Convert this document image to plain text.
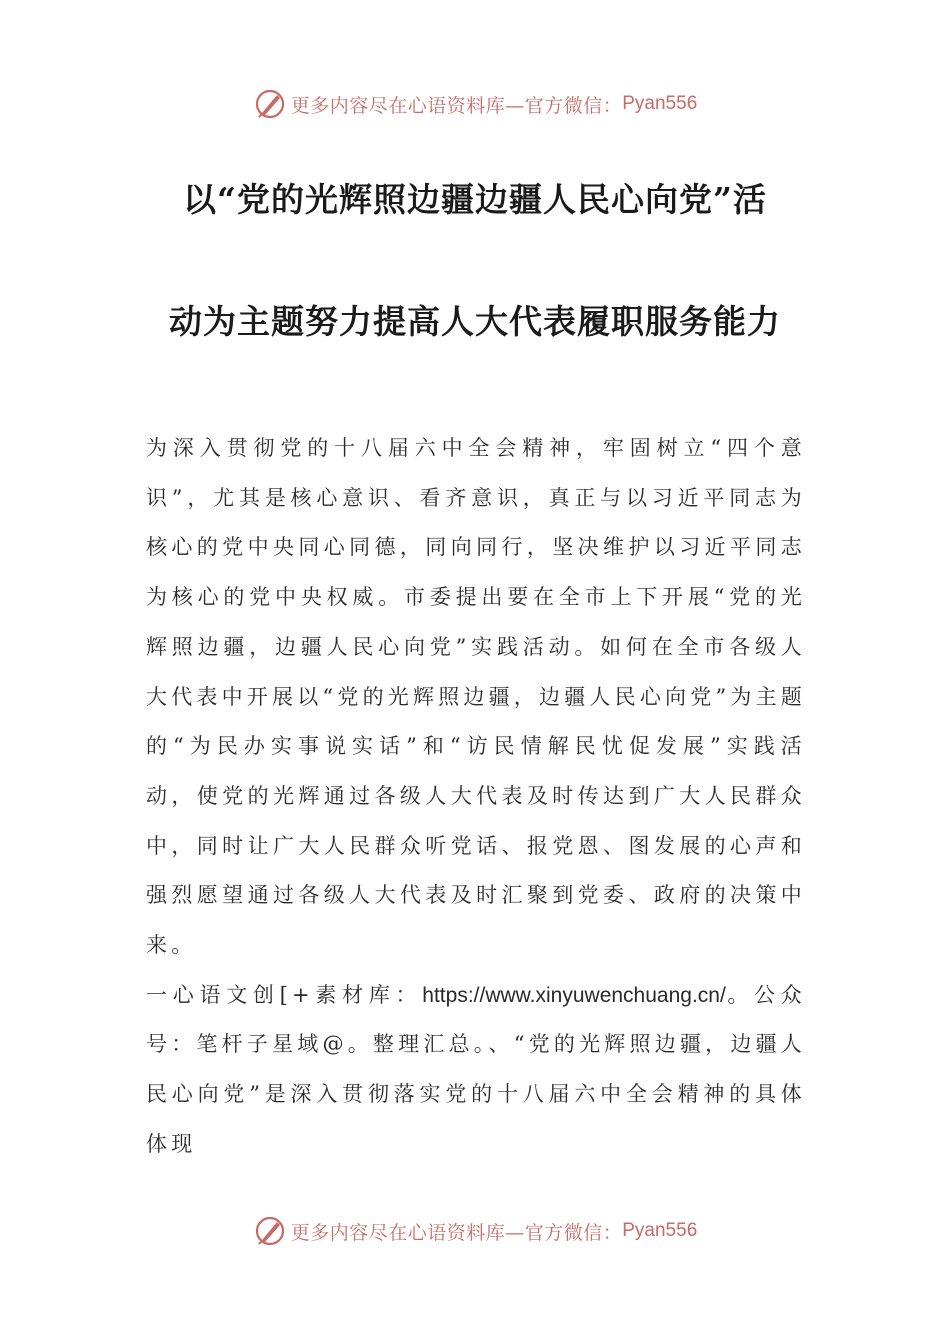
更多内容尽在心语资料库—官方微信： Pyan556
以“党的光辉照边疆边疆人民心向党”活
动为主题努力提高人大代表履职服务能力

为深入贯彻党的十八届六中全会精神，牢固树立“四个意识”，尤其是核心意识、看齐意识，真正与以习近平同志为核心的党中央同心同德，同向同行，坚决维护以习近平同志为核心的党中央权威。市委提出要在全市上下开展“党的光辉照边疆，边疆人民心向党”实践活动。如何在全市各级人大代表中开展以“党的光辉照边疆，边疆人民心向党”为主题的“为民办实事说实话”和“访民情解民忧促发展”实践活动，使党的光辉通过各级人大代表及时传达到广大人民群众中，同时让广大人民群众听党话、报党恩、图发展的心声和强烈愿望通过各级人大代表及时汇聚到党委、政府的决策中来。

一心语文创[+素材库：https://www.xinyuwenchuang.cn/。公众号：笔杆子星域@。整理汇总。、“党的光辉照边疆，边疆人民心向党”是深入贯彻落实党的十八届六中全会精神的具体体现

更多内容尽在心语资料库—官方微信： Pyan556
